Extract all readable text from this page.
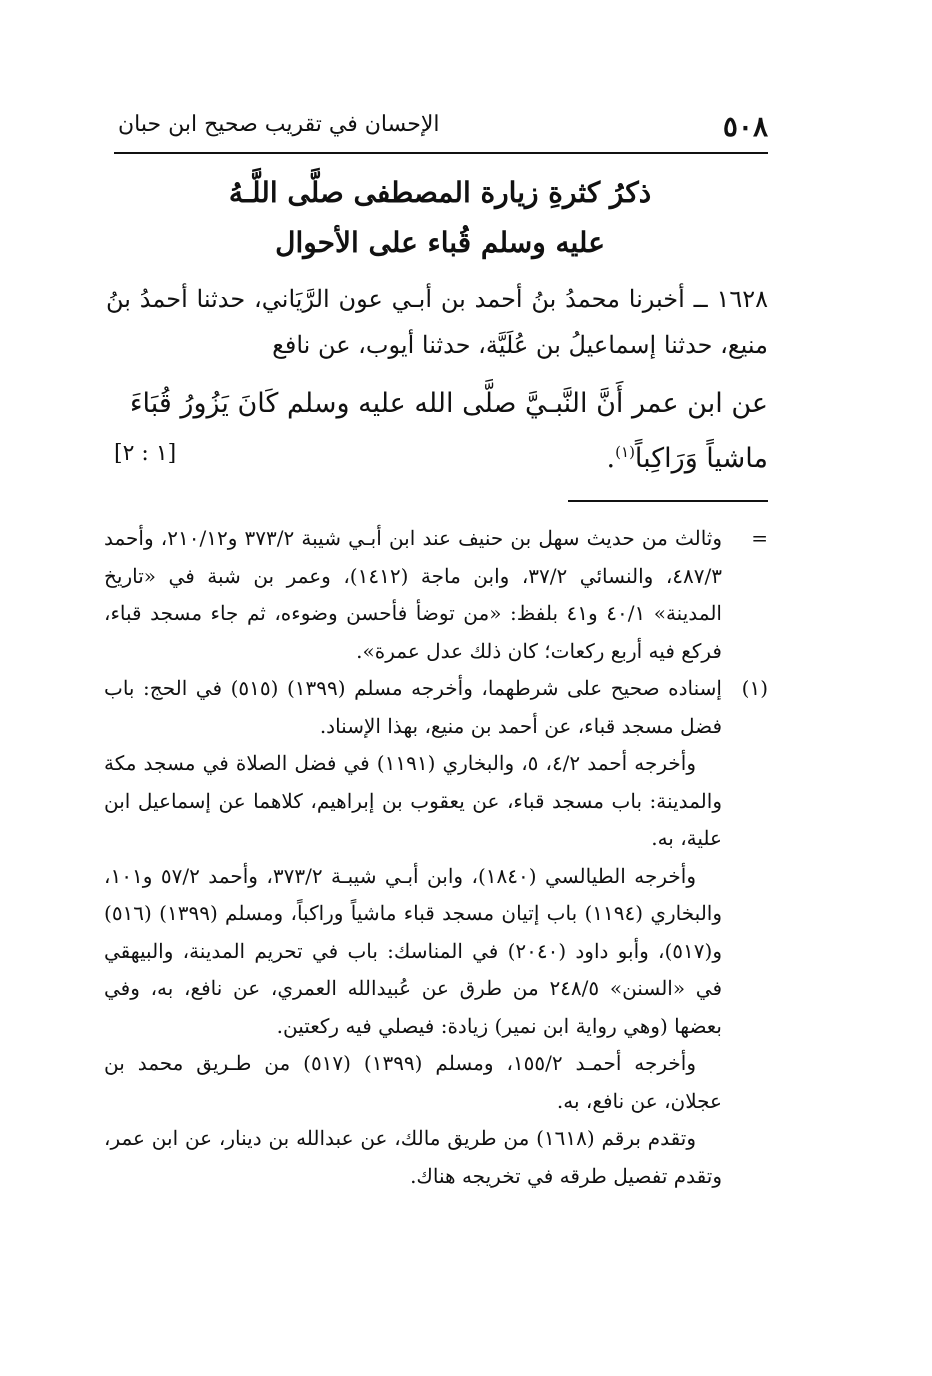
٥٠٨
الإحسان في تقريب صحيح ابن حبان
ذكرُ كثرةِ زيارة المصطفى صلَّى اللَّـهُ
عليه وسلم قُباء على الأحوال
١٦٢٨ ــ أخبرنا محمدُ بنُ أحمد بن أبـي عون الرَّيَاني، حدثنا أحمدُ بنُ منيع، حدثنا إسماعيلُ بن عُلَيَّة، حدثنا أيوب، عن نافع
عن ابن عمر أَنَّ النَّبـيَّ صلَّى الله عليه وسلم كَانَ يَزُورُ قُبَاءَ
ماشياً وَرَاكِباً$^{(١)}$.
[١ : ٢]
=
وثالث من حديث سهل بن حنيف عند ابن أبـي شيبة ٣٧٣/٢ و٢١٠/١٢، وأحمد ٤٨٧/٣، والنسائي ٣٧/٢، وابن ماجة (١٤١٢)، وعمر بن شبة في «تاريخ المدينة» ٤٠/١ و٤١ بلفظ: «من توضأ فأحسن وضوءه، ثم جاء مسجد قباء، فركع فيه أربع ركعات؛ كان ذلك عدل عمرة».
(١)
إسناده صحيح على شرطهما، وأخرجه مسلم (١٣٩٩) (٥١٥) في الحج: باب فضل مسجد قباء، عن أحمد بن منيع، بهذا الإسناد.
وأخرجه أحمد ٤/٢، ٥، والبخاري (١١٩١) في فضل الصلاة في مسجد مكة والمدينة: باب مسجد قباء، عن يعقوب بن إبراهيم، كلاهما عن إسماعيل ابن علية، به.
وأخرجه الطيالسي (١٨٤٠)، وابن أبـي شيبـة ٣٧٣/٢، وأحمد ٥٧/٢ و١٠١، والبخاري (١١٩٤) باب إتيان مسجد قباء ماشياً وراكباً، ومسلم (١٣٩٩) (٥١٦) و(٥١٧)، وأبو داود (٢٠٤٠) في المناسك: باب في تحريم المدينة، والبيهقي في «السنن» ٢٤٨/٥ من طرق عن عُبيدالله العمري، عن نافع، به، وفي بعضها (وهي رواية ابن نمير) زيادة: فيصلي فيه ركعتين.
وأخرجه أحمـد ١٥٥/٢، ومسلم (١٣٩٩) (٥١٧) من طـريق محمد بن عجلان، عن نافع، به.
وتقدم برقم (١٦١٨) من طريق مالك، عن عبدالله بن دينار، عن ابن عمر، وتقدم تفصيل طرقه في تخريجه هناك.
